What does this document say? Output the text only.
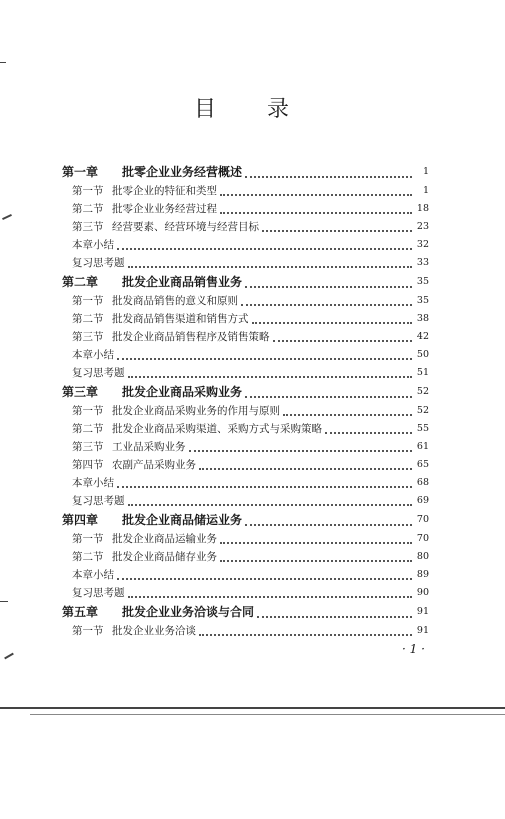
目 录
第一章 批零企业业务经营概述	1
第一节 批零企业的特征和类型	1
第二节 批零企业业务经营过程	18
第三节 经营要素、经营环境与经营目标	23
本章小结	32
复习思考题	33
第二章 批发企业商品销售业务	35
第一节 批发商品销售的意义和原则	35
第二节 批发商品销售渠道和销售方式	38
第三节 批发企业商品销售程序及销售策略	42
本章小结	50
复习思考题	51
第三章 批发企业商品采购业务	52
第一节 批发企业商品采购业务的作用与原则	52
第二节 批发企业商品采购渠道、采购方式与采购策略	55
第三节 工业品采购业务	61
第四节 农副产品采购业务	65
本章小结	68
复习思考题	69
第四章 批发企业商品储运业务	70
第一节 批发企业商品运输业务	70
第二节 批发企业商品储存业务	80
本章小结	89
复习思考题	90
第五章 批发企业业务洽谈与合同	91
第一节 批发企业业务洽谈	91
· 1 ·
